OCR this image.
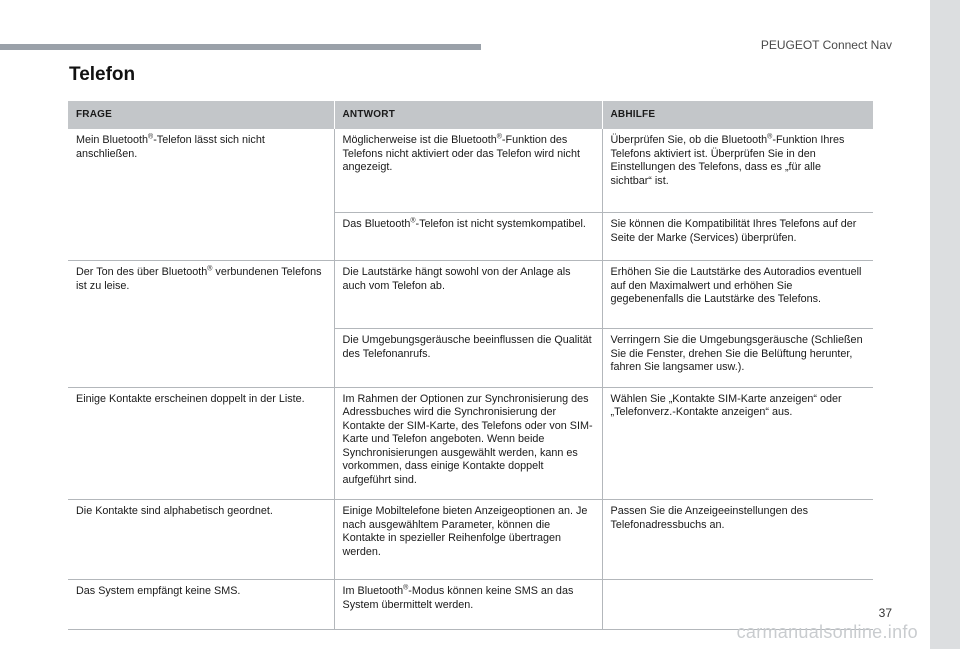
PEUGEOT Connect Nav
Telefon
FRAGE	ANTWORT	ABHILFE
Mein Bluetooth®-Telefon lässt sich nicht anschließen.	Möglicherweise ist die Bluetooth®-Funktion des Telefons nicht aktiviert oder das Telefon wird nicht angezeigt.	Überprüfen Sie, ob die Bluetooth®-Funktion Ihres Telefons aktiviert ist. Überprüfen Sie in den Einstellungen des Telefons, dass es „für alle sichtbar“ ist.
	Das Bluetooth®-Telefon ist nicht systemkompatibel.	Sie können die Kompatibilität Ihres Telefons auf der Seite der Marke (Services) überprüfen.
Der Ton des über Bluetooth® verbundenen Telefons ist zu leise.	Die Lautstärke hängt sowohl von der Anlage als auch vom Telefon ab.	Erhöhen Sie die Lautstärke des Autoradios eventuell auf den Maximalwert und erhöhen Sie gegebenenfalls die Lautstärke des Telefons.
	Die Umgebungsgeräusche beeinflussen die Qualität des Telefonanrufs.	Verringern Sie die Umgebungsgeräusche (Schließen Sie die Fenster, drehen Sie die Belüftung herunter, fahren Sie langsamer usw.).
Einige Kontakte erscheinen doppelt in der Liste.	Im Rahmen der Optionen zur Synchronisierung des Adressbuches wird die Synchronisierung der Kontakte der SIM-Karte, des Telefons oder von SIM-Karte und Telefon angeboten. Wenn beide Synchronisierungen ausgewählt werden, kann es vorkommen, dass einige Kontakte doppelt aufgeführt sind.	Wählen Sie „Kontakte SIM-Karte anzeigen“ oder „Telefonverz.-Kontakte anzeigen“ aus.
Die Kontakte sind alphabetisch geordnet.	Einige Mobiltelefone bieten Anzeigeoptionen an. Je nach ausgewähltem Parameter, können die Kontakte in spezieller Reihenfolge übertragen werden.	Passen Sie die Anzeigeeinstellungen des Telefonadressbuchs an.
Das System empfängt keine SMS.	Im Bluetooth®-Modus können keine SMS an das System übermittelt werden.	
37
carmanualsonline.info
